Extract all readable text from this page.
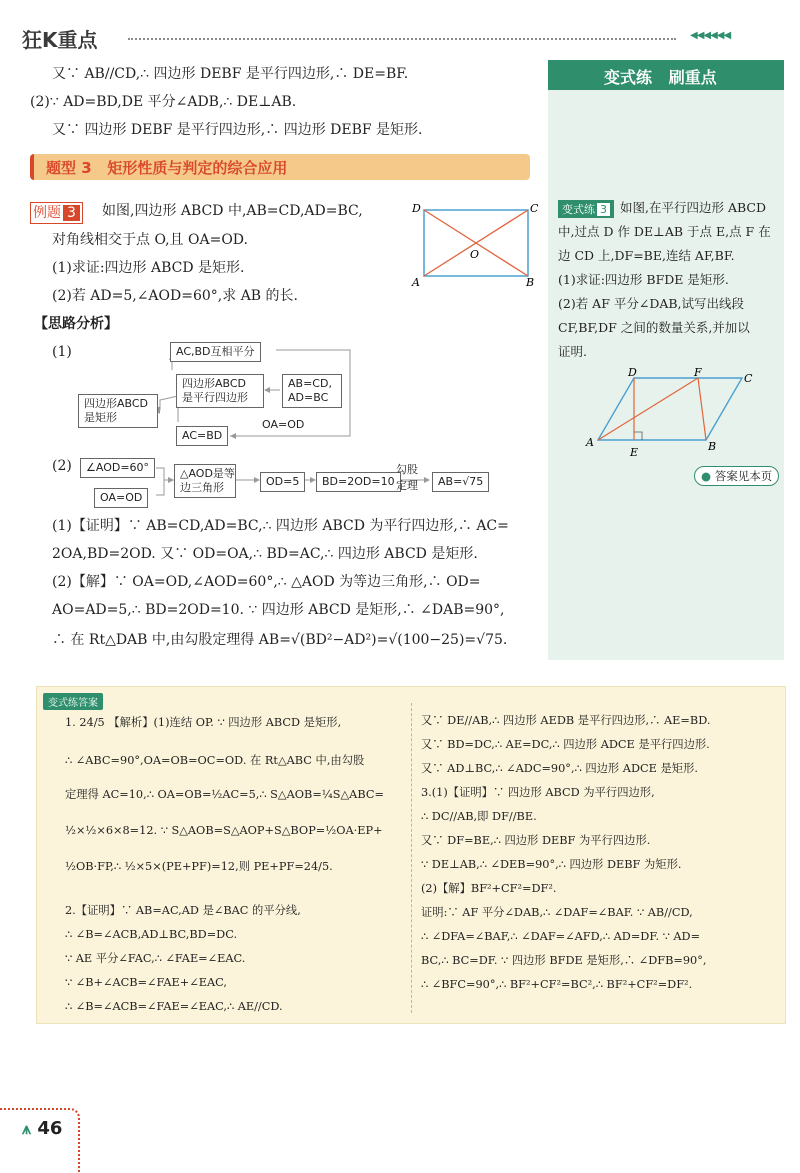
狂K重点	◀◀◀◀◀◀
又∵ AB//CD,∴ 四边形 DEBF 是平行四边形,∴ DE=BF.
(2)∵ AD=BD,DE 平分∠ADB,∴ DE⊥AB.
又∵ 四边形 DEBF 是平行四边形,∴ 四边形 DEBF 是矩形.
题型 3   矩形性质与判定的综合应用
例题 3	如图,四边形 ABCD 中,AB=CD,AD=BC,
对角线相交于点 O,且 OA=OD.
(1)求证:四边形 ABCD 是矩形.
(2)若 AD=5,∠AOD=60°,求 AB 的长.
D	C
A	B
O
【思路分析】
(1)	AC,BD互相平分
四边形ABCD
是平行四边形
AB=CD,
AD=BC
四边形ABCD
是矩形
AC=BD
OA=OD
(2)	∠AOD=60°
OA=OD
△AOD是等
边三角形	OD=5	BD=2OD=10
勾股
定理	AB=√75
(1)【证明】∵ AB=CD,AD=BC,∴ 四边形 ABCD 为平行四边形,∴ AC=
2OA,BD=2OD. 又∵ OD=OA,∴ BD=AC,∴ 四边形 ABCD 是矩形.
(2)【解】∵ OA=OD,∠AOD=60°,∴ △AOD 为等边三角形,∴ OD=
AO=AD=5,∴ BD=2OD=10. ∵ 四边形 ABCD 是矩形,∴ ∠DAB=90°,
∴ 在 Rt△DAB 中,由勾股定理得 AB=√(BD²−AD²)=√(100−25)=√75.
变式练   刷重点
变式练 3	如图,在平行四边形 ABCD
中,过点 D 作 DE⊥AB 于点 E,点 F 在
边 CD 上,DF=BE,连结 AF,BF.
(1)求证:四边形 BFDE 是矩形.
(2)若 AF 平分∠DAB,试写出线段
CF,BF,DF 之间的数量关系,并加以
证明.
D	F	C
A
E	B
● 答案见本页
变式练答案
1. 24/5 【解析】(1)连结 OP. ∵ 四边形 ABCD 是矩形,
∴ ∠ABC=90°,OA=OB=OC=OD. 在 Rt△ABC 中,由勾股
定理得 AC=10,∴ OA=OB=½AC=5,∴ S△AOB=¼S△ABC=
½×½×6×8=12. ∵ S△AOB=S△AOP+S△BOP=½OA·EP+
½OB·FP,∴ ½×5×(PE+PF)=12,则 PE+PF=24/5.
2.【证明】∵ AB=AC,AD 是∠BAC 的平分线,
∴ ∠B=∠ACB,AD⊥BC,BD=DC.
∵ AE 平分∠FAC,∴ ∠FAE=∠EAC.
∵ ∠B+∠ACB=∠FAE+∠EAC,
∴ ∠B=∠ACB=∠FAE=∠EAC,∴ AE//CD.
又∵ DE//AB,∴ 四边形 AEDB 是平行四边形,∴ AE=BD.
又∵ BD=DC,∴ AE=DC,∴ 四边形 ADCE 是平行四边形.
又∵ AD⊥BC,∴ ∠ADC=90°,∴ 四边形 ADCE 是矩形.
3.(1)【证明】∵ 四边形 ABCD 为平行四边形,
∴ DC//AB,即 DF//BE.
又∵ DF=BE,∴ 四边形 DEBF 为平行四边形.
∵ DE⊥AB,∴ ∠DEB=90°,∴ 四边形 DEBF 为矩形.
(2)【解】BF²+CF²=DF².
证明:∵ AF 平分∠DAB,∴ ∠DAF=∠BAF. ∵ AB//CD,
∴ ∠DFA=∠BAF,∴ ∠DAF=∠AFD,∴ AD=DF. ∵ AD=
BC,∴ BC=DF. ∵ 四边形 BFDE 是矩形,∴ ∠DFB=90°,
∴ ∠BFC=90°,∴ BF²+CF²=BC²,∴ BF²+CF²=DF².
⩚ 46
